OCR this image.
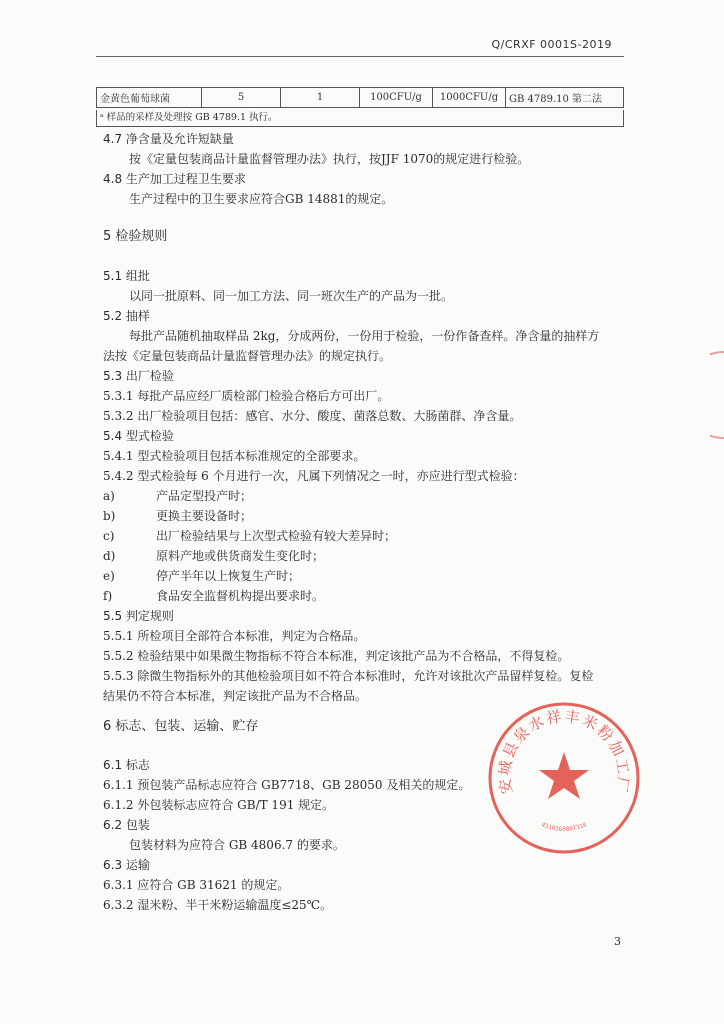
Q/CRXF 0001S-2019
金黄色葡萄球菌	5	1	100CFU/g	1000CFU/g	GB 4789.10 第二法
ᵃ 样品的采样及处理按 GB 4789.1 执行。
4.7 净含量及允许短缺量
按《定量包装商品计量监督管理办法》执行，按JJF 1070的规定进行检验。
4.8 生产加工过程卫生要求
生产过程中的卫生要求应符合GB 14881的规定。
5 检验规则
5.1 组批
以同一批原料、同一加工方法、同一班次生产的产品为一批。
5.2 抽样
每批产品随机抽取样品 2kg，分成两份，一份用于检验，一份作备查样。净含量的抽样方
法按《定量包装商品计量监督管理办法》的规定执行。
5.3 出厂检验
5.3.1 每批产品应经厂质检部门检验合格后方可出厂。
5.3.2 出厂检验项目包括：感官、水分、酸度、菌落总数、大肠菌群、净含量。
5.4 型式检验
5.4.1 型式检验项目包括本标准规定的全部要求。
5.4.2 型式检验每 6 个月进行一次，凡属下列情况之一时，亦应进行型式检验：
a)	产品定型投产时；
b)	更换主要设备时；
c)	出厂检验结果与上次型式检验有较大差异时；
d)	原料产地或供货商发生变化时；
e)	停产半年以上恢复生产时；
f)	食品安全监督机构提出要求时。
5.5 判定规则
5.5.1 所检项目全部符合本标准，判定为合格品。
5.5.2 检验结果中如果微生物指标不符合本标准，判定该批产品为不合格品，不得复检。
5.5.3 除微生物指标外的其他检验项目如不符合本标准时，允许对该批次产品留样复检。复检
结果仍不符合本标准，判定该批产品为不合格品。
6 标志、包装、运输、贮存
6.1 标志
6.1.1 预包装产品标志应符合 GB7718、GB 28050 及相关的规定。
6.1.2 外包装标志应符合 GB/T 191 规定。
6.2 包装
包装材料为应符合 GB 4806.7 的要求。
6.3 运输
6.3.1 应符合 GB 31621 的规定。
6.3.2 湿米粉、半干米粉运输温度≤25℃。
安城县泉水祥丰米粉加工厂
4310360007318
3
